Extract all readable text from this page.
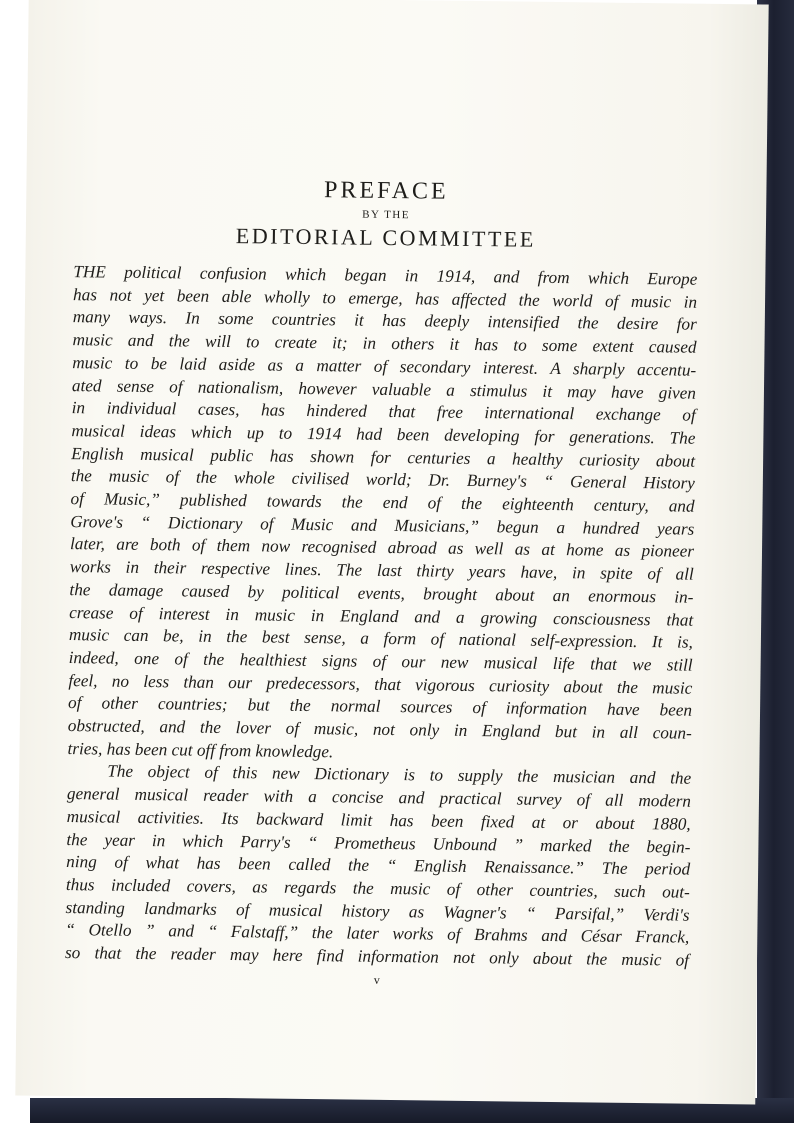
PREFACE
BY THE
EDITORIAL COMMITTEE
THE political confusion which began in 1914, and from which Europe
has not yet been able wholly to emerge, has affected the world of music in
many ways. In some countries it has deeply intensified the desire for
music and the will to create it; in others it has to some extent caused
music to be laid aside as a matter of secondary interest. A sharply accentu-
ated sense of nationalism, however valuable a stimulus it may have given
in individual cases, has hindered that free international exchange of
musical ideas which up to 1914 had been developing for generations. The
English musical public has shown for centuries a healthy curiosity about
the music of the whole civilised world; Dr. Burney's “ General History
of Music,” published towards the end of the eighteenth century, and
Grove's “ Dictionary of Music and Musicians,” begun a hundred years
later, are both of them now recognised abroad as well as at home as pioneer
works in their respective lines. The last thirty years have, in spite of all
the damage caused by political events, brought about an enormous in-
crease of interest in music in England and a growing consciousness that
music can be, in the best sense, a form of national self-expression. It is,
indeed, one of the healthiest signs of our new musical life that we still
feel, no less than our predecessors, that vigorous curiosity about the music
of other countries; but the normal sources of information have been
obstructed, and the lover of music, not only in England but in all coun-
tries, has been cut off from knowledge.
The object of this new Dictionary is to supply the musician and the
general musical reader with a concise and practical survey of all modern
musical activities. Its backward limit has been fixed at or about 1880,
the year in which Parry's “ Prometheus Unbound ” marked the begin-
ning of what has been called the “ English Renaissance.” The period
thus included covers, as regards the music of other countries, such out-
standing landmarks of musical history as Wagner's “ Parsifal,” Verdi's
“ Otello ” and “ Falstaff,” the later works of Brahms and César Franck,
so that the reader may here find information not only about the music of
v
